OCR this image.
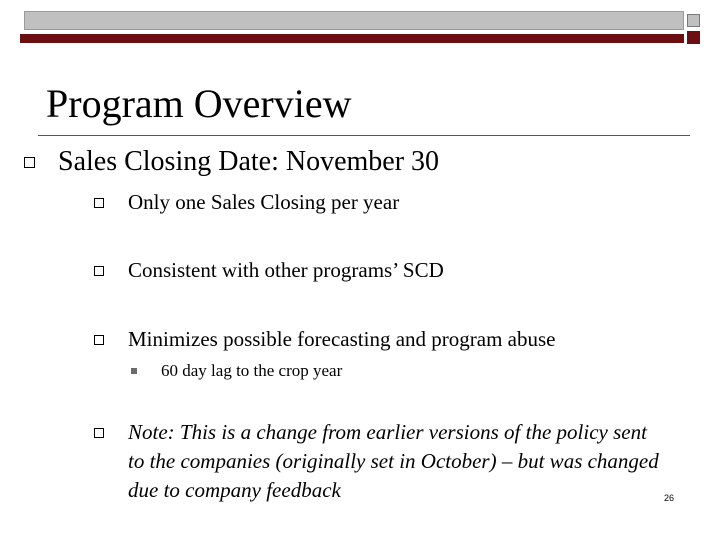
Program Overview
Sales Closing Date: November 30
Only one Sales Closing per year
Consistent with other programs’ SCD
Minimizes possible forecasting and program abuse
60 day lag to the crop year
Note: This is a change from earlier versions of the policy sent to the companies (originally set in October) – but was changed due to company feedback	26
